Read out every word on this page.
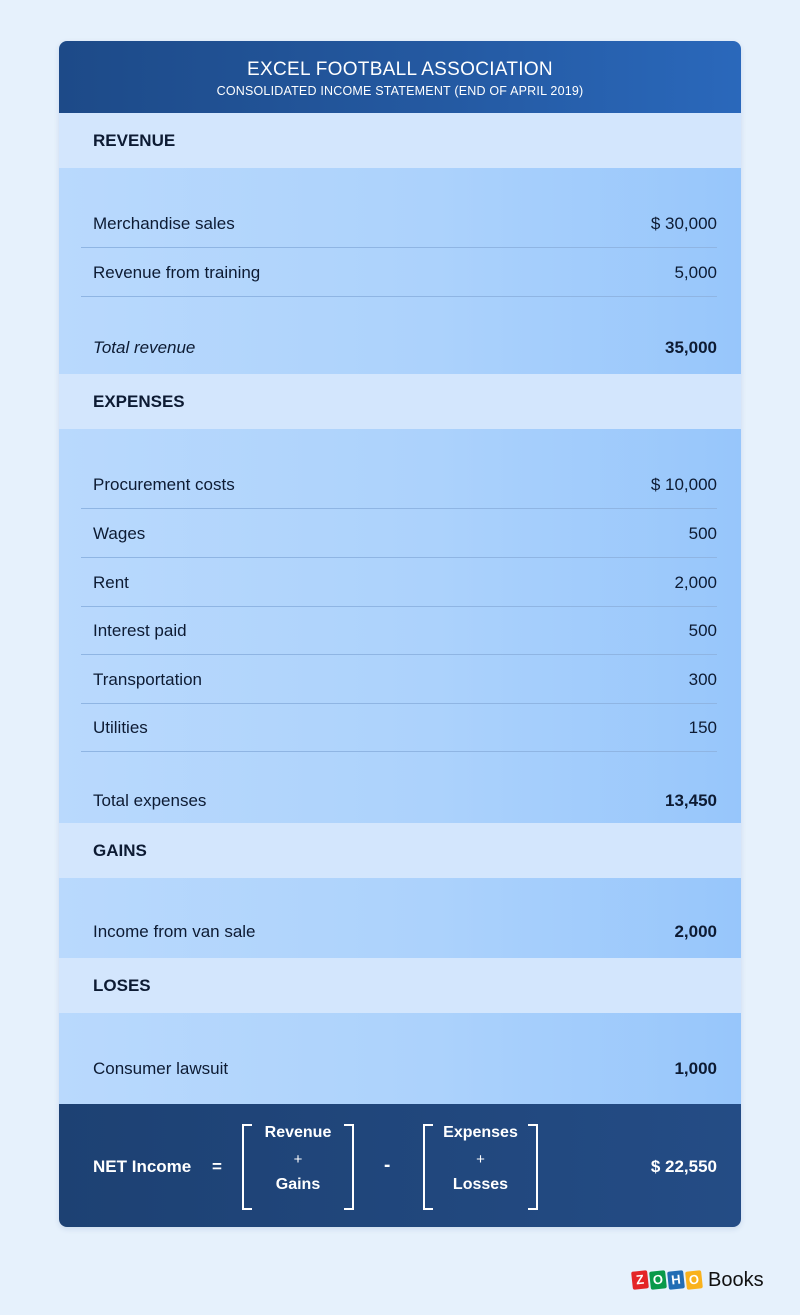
EXCEL FOOTBALL ASSOCIATION
CONSOLIDATED INCOME STATEMENT (END OF APRIL 2019)
REVENUE
Merchandise sales	$ 30,000
Revenue from training	5,000
Total revenue	35,000
EXPENSES
Procurement costs	$ 10,000
Wages	500
Rent	2,000
Interest paid	500
Transportation	300
Utilities	150
Total expenses	13,450
GAINS
Income from van sale	2,000
LOSES
Consumer lawsuit	1,000
NET Income =
Revenue
+
Gains
-
Expenses
+
Losses
$ 22,550
Z O H O Books
